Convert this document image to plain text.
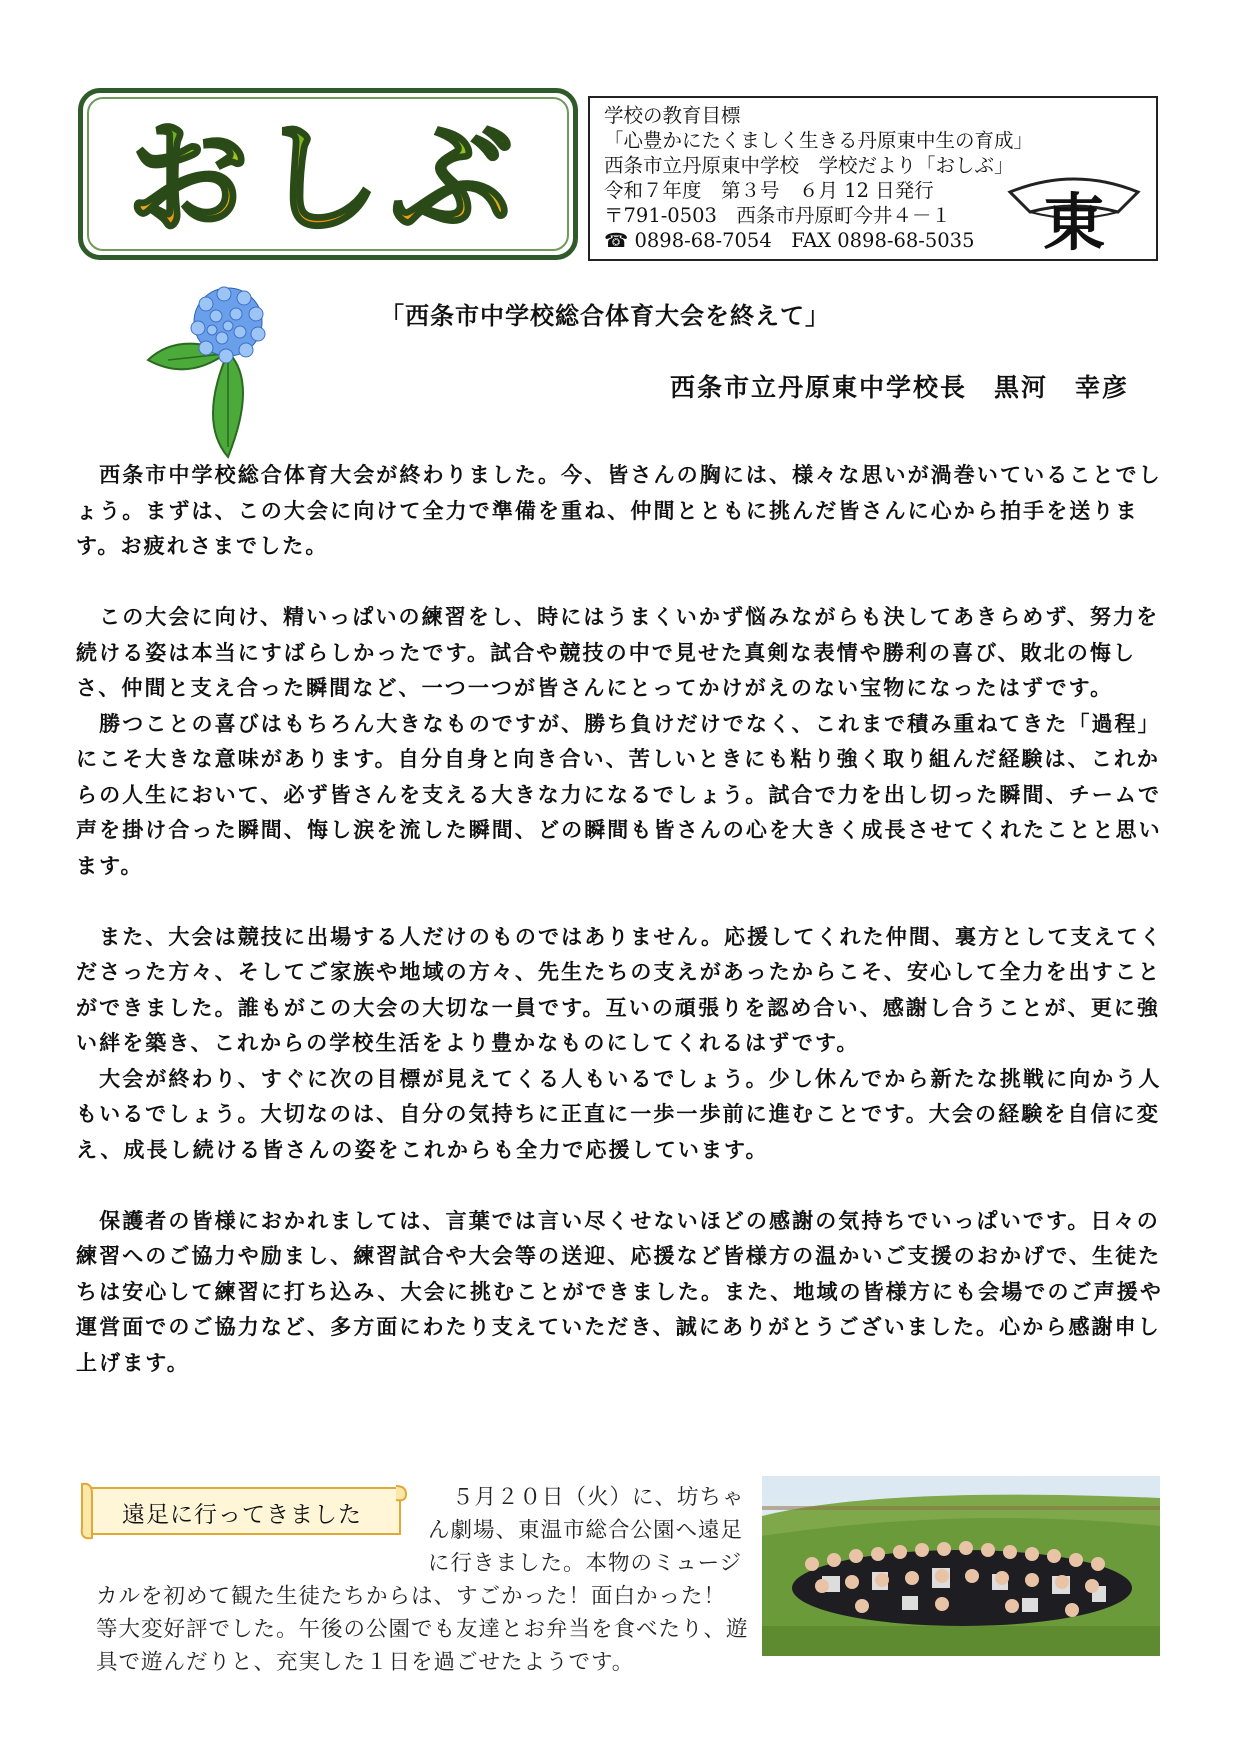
おしぶ	学校の教育目標
「心豊かにたくましく生きる丹原東中生の育成」
西条市立丹原東中学校　学校だより「おしぶ」
令和７年度　第３号　６月 12 日発行
〒791-0503　西条市丹原町今井４－１
☎ 0898-68-7054　FAX 0898-68-5035 東
「西条市中学校総合体育大会を終えて」
西条市立丹原東中学校長　黒河　幸彦

西条市中学校総合体育大会が終わりました。今、皆さんの胸には、様々な思いが渦巻いていることでしょう。まずは、この大会に向けて全力で準備を重ね、仲間とともに挑んだ皆さんに心から拍手を送ります。お疲れさまでした。

この大会に向け、精いっぱいの練習をし、時にはうまくいかず悩みながらも決してあきらめず、努力を続ける姿は本当にすばらしかったです。試合や競技の中で見せた真剣な表情や勝利の喜び、敗北の悔しさ、仲間と支え合った瞬間など、一つ一つが皆さんにとってかけがえのない宝物になったはずです。

勝つことの喜びはもちろん大きなものですが、勝ち負けだけでなく、これまで積み重ねてきた「過程」にこそ大きな意味があります。自分自身と向き合い、苦しいときにも粘り強く取り組んだ経験は、これからの人生において、必ず皆さんを支える大きな力になるでしょう。試合で力を出し切った瞬間、チームで声を掛け合った瞬間、悔し涙を流した瞬間、どの瞬間も皆さんの心を大きく成長させてくれたことと思います。

また、大会は競技に出場する人だけのものではありません。応援してくれた仲間、裏方として支えてくださった方々、そしてご家族や地域の方々、先生たちの支えがあったからこそ、安心して全力を出すことができました。誰もがこの大会の大切な一員です。互いの頑張りを認め合い、感謝し合うことが、更に強い絆を築き、これからの学校生活をより豊かなものにしてくれるはずです。

大会が終わり、すぐに次の目標が見えてくる人もいるでしょう。少し休んでから新たな挑戦に向かう人もいるでしょう。大切なのは、自分の気持ちに正直に一歩一歩前に進むことです。大会の経験を自信に変え、成長し続ける皆さんの姿をこれからも全力で応援しています。

保護者の皆様におかれましては、言葉では言い尽くせないほどの感謝の気持ちでいっぱいです。日々の練習へのご協力や励まし、練習試合や大会等の送迎、応援など皆様方の温かいご支援のおかげで、生徒たちは安心して練習に打ち込み、大会に挑むことができました。また、地域の皆様方にも会場でのご声援や運営面でのご協力など、多方面にわたり支えていただき、誠にありがとうございました。心から感謝申し上げます。

遠足に行ってきました
５月２０日（火）に、坊ちゃ
ん劇場、東温市総合公園へ遠足
に行きました。本物のミュージ
カルを初めて観た生徒たちからは、すごかった！面白かった！
等大変好評でした。午後の公園でも友達とお弁当を食べたり、遊
具で遊んだりと、充実した１日を過ごせたようです。
